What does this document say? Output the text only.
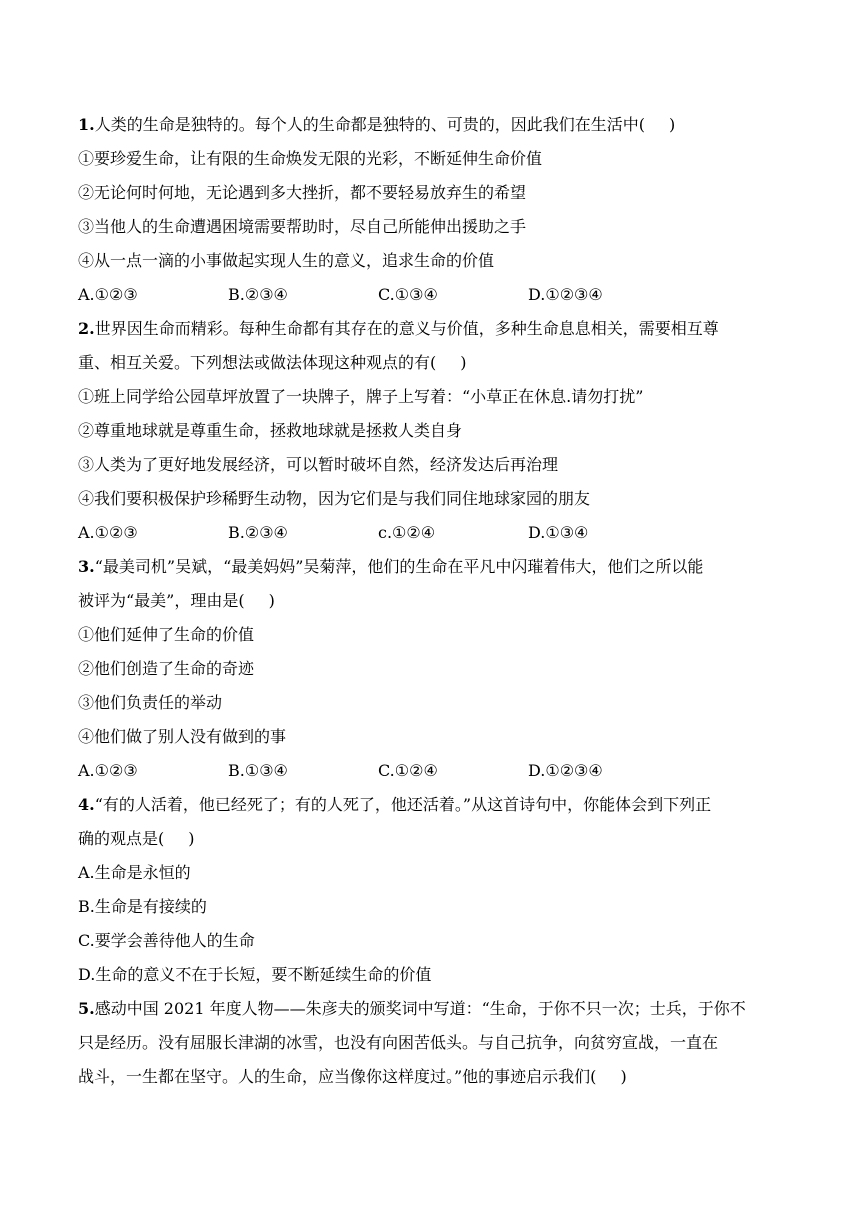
1.人类的生命是独特的。每个人的生命都是独特的、可贵的，因此我们在生活中( )
①要珍爱生命，让有限的生命焕发无限的光彩，不断延伸生命价值
②无论何时何地，无论遇到多大挫折，都不要轻易放弃生的希望
③当他人的生命遭遇困境需要帮助时，尽自己所能伸出援助之手
④从一点一滴的小事做起实现人生的意义，追求生命的价值
A.①②③	B.②③④	C.①③④	D.①②③④
2.世界因生命而精彩。每种生命都有其存在的意义与价值，多种生命息息相关，需要相互尊
重、相互关爱。下列想法或做法体现这种观点的有( )
①班上同学给公园草坪放置了一块牌子，牌子上写着：“小草正在休息.请勿打扰”
②尊重地球就是尊重生命，拯救地球就是拯救人类自身
③人类为了更好地发展经济，可以暂时破坏自然，经济发达后再治理
④我们要积极保护珍稀野生动物，因为它们是与我们同住地球家园的朋友
A.①②③	B.②③④	c.①②④	D.①③④
3.“最美司机”吴斌，“最美妈妈”吴菊萍，他们的生命在平凡中闪璀着伟大，他们之所以能
被评为“最美”，理由是( )
①他们延伸了生命的价值
②他们创造了生命的奇迹
③他们负责任的举动
④他们做了别人没有做到的事
A.①②③	B.①③④	C.①②④	D.①②③④
4.“有的人活着，他已经死了；有的人死了，他还活着。”从这首诗句中，你能体会到下列正
确的观点是( )
A.生命是永恒的
B.生命是有接续的
C.要学会善待他人的生命
D.生命的意义不在于长短，要不断延续生命的价值
5.感动中国 2021 年度人物——朱彦夫的颁奖词中写道：“生命，于你不只一次；士兵，于你不
只是经历。没有屈服长津湖的冰雪，也没有向困苦低头。与自己抗争，向贫穷宣战，一直在
战斗，一生都在坚守。人的生命，应当像你这样度过。”他的事迹启示我们( )
